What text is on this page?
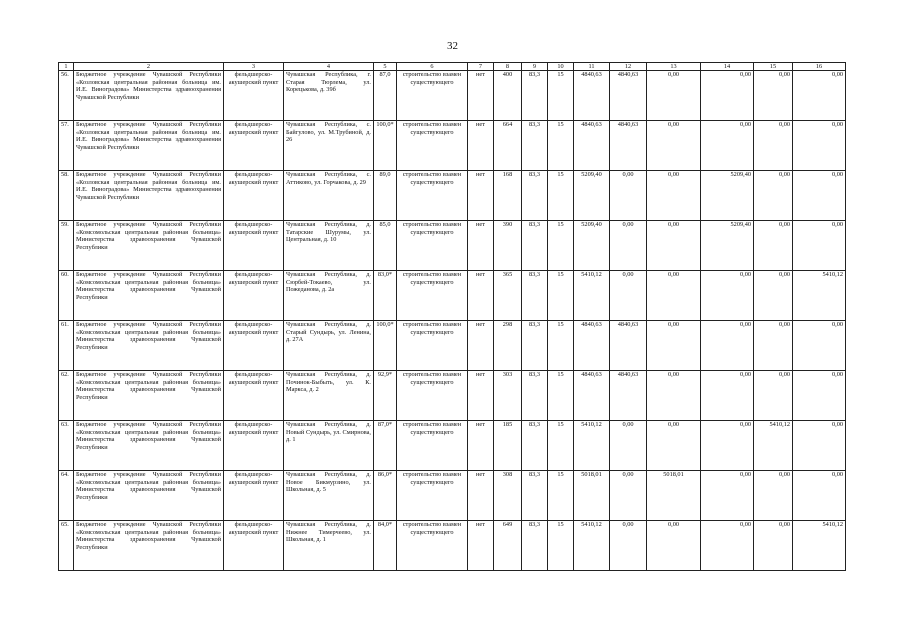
32
1	2	3	4	5	6	7	8	9	10	11	12	13	14	15	16
56.	Бюджетное учреждение Чувашской Республики «Козловская центральная районная больница им. И.Е. Виноградова» Министерства здравоохранения Чувашской Республики	фельдшерско-акушерский пункт	Чувашская Республика, г. Старая Тюрлема, ул. Корецькова, д. 39б	87,0	строительство взамен существующего	нет	400	83,3	15	4840,63	4840,63	0,00	0,00	0,00	0,00
57.	Бюджетное учреждение Чувашской Республики «Козловская центральная районная больница им. И.Е. Виноградова» Министерства здравоохранения Чувашской Республики	фельдшерско-акушерский пункт	Чувашская Республика, с. Байгулово, ул. М.Трубиной, д. 26	100,0*	строительство взамен существующего	нет	664	83,3	15	4840,63	4840,63	0,00	0,00	0,00	0,00
58.	Бюджетное учреждение Чувашской Республики «Козловская центральная районная больница им. И.Е. Виноградова» Министерства здравоохранения Чувашской Республики	фельдшерско-акушерский пункт	Чувашская Республика, с. Аттиково, ул. Горчакова, д. 29	89,0	строительство взамен существующего	нет	168	83,3	15	5209,40	0,00	0,00	5209,40	0,00	0,00
59.	Бюджетное учреждение Чувашской Республики «Комсомольская центральная районная больница» Министерства здравоохранения Чувашской Республики	фельдшерско-акушерский пункт	Чувашская Республика, д. Татарские Шурумы, ул. Центральная, д. 10	85,0	строительство взамен существующего	нет	390	83,3	15	5209,40	0,00	0,00	5209,40	0,00	0,00
60.	Бюджетное учреждение Чувашской Республики «Комсомольская центральная районная больница» Министерства здравоохранения Чувашской Республики	фельдшерско-акушерский пункт	Чувашская Республика, д. Сюрбей-Токаево, ул. Пожеданова, д. 2а	83,0*	строительство взамен существующего	нет	365	83,3	15	5410,12	0,00	0,00	0,00	0,00	5410,12
61.	Бюджетное учреждение Чувашской Республики «Комсомольская центральная районная больница» Министерства здравоохранения Чувашской Республики	фельдшерско-акушерский пункт	Чувашская Республика, д. Старый Сундырь, ул. Ленина, д. 27А	100,0*	строительство взамен существующего	нет	298	83,3	15	4840,63	4840,63	0,00	0,00	0,00	0,00
62.	Бюджетное учреждение Чувашской Республики «Комсомольская центральная районная больница» Министерства здравоохранения Чувашской Республики	фельдшерско-акушерский пункт	Чувашская Республика, д. Починок-Быбыть, ул. К. Маркса, д. 2	92,9*	строительство взамен существующего	нет	303	83,3	15	4840,63	4840,63	0,00	0,00	0,00	0,00
63.	Бюджетное учреждение Чувашской Республики «Комсомольская центральная районная больница» Министерства здравоохранения Чувашской Республики	фельдшерско-акушерский пункт	Чувашская Республика, д. Новый Сундырь, ул. Смирнова, д. 1	87,0*	строительство взамен существующего	нет	185	83,3	15	5410,12	0,00	0,00	0,00	5410,12	0,00
64.	Бюджетное учреждение Чувашской Республики «Комсомольская центральная районная больница» Министерства здравоохранения Чувашской Республики	фельдшерско-акушерский пункт	Чувашская Республика, д. Новое Бикмурзино, ул. Школьная, д. 5	86,0*	строительство взамен существующего	нет	308	83,3	15	5018,01	0,00	5018,01	0,00	0,00	0,00
65.	Бюджетное учреждение Чувашской Республики «Комсомольская центральная районная больница» Министерства здравоохранения Чувашской Республики	фельдшерско-акушерский пункт	Чувашская Республика, д. Нижнее Тимерчеево, ул. Школьная, д. 1	84,0*	строительство взамен существующего	нет	649	83,3	15	5410,12	0,00	0,00	0,00	0,00	5410,12
